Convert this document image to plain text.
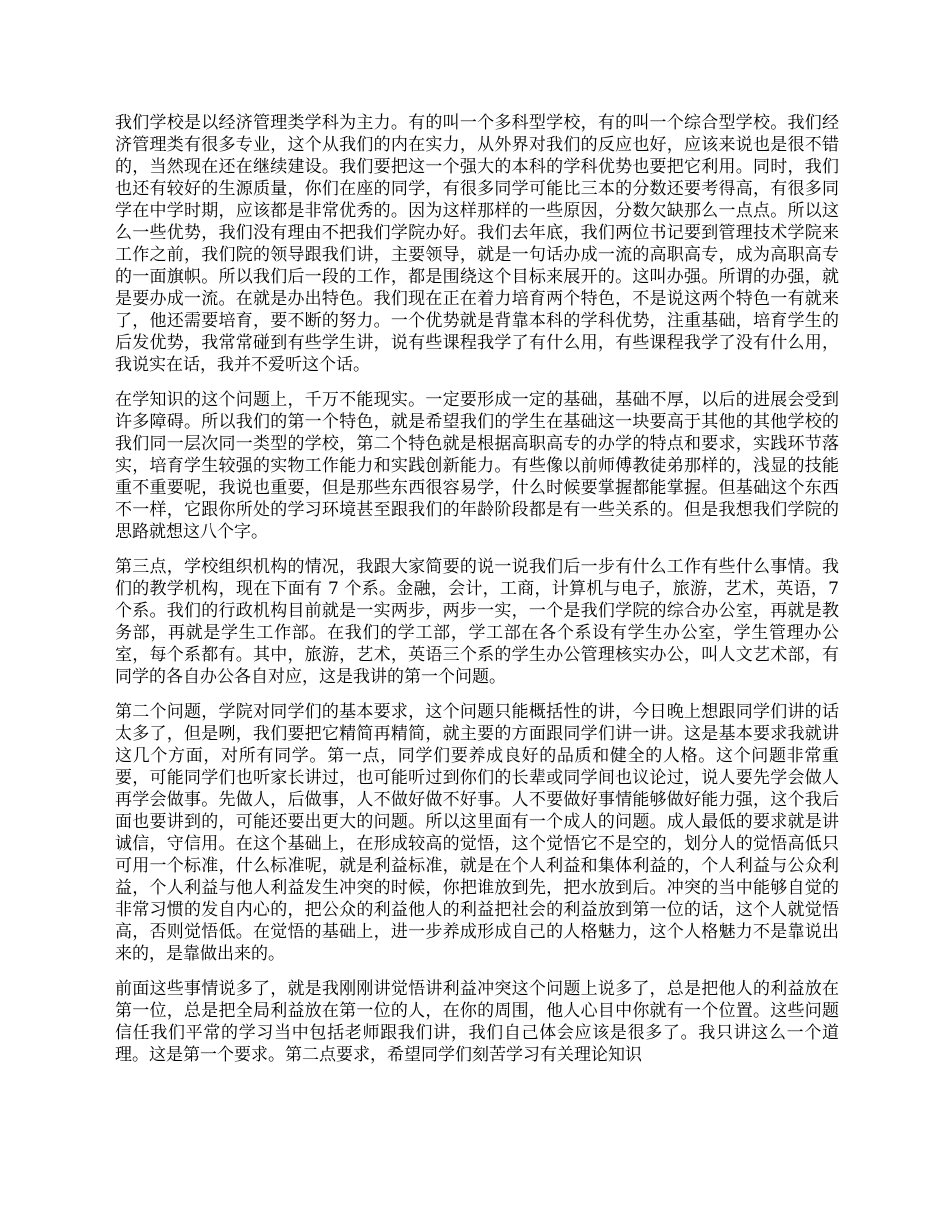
我们学校是以经济管理类学科为主力。有的叫一个多科型学校，有的叫一个综合型学校。我们经济管理类有很多专业，这个从我们的内在实力，从外界对我们的反应也好，应该来说也是很不错的，当然现在还在继续建设。我们要把这一个强大的本科的学科优势也要把它利用。同时，我们也还有较好的生源质量，你们在座的同学，有很多同学可能比三本的分数还要考得高，有很多同学在中学时期，应该都是非常优秀的。因为这样那样的一些原因，分数欠缺那么一点点。所以这么一些优势，我们没有理由不把我们学院办好。我们去年底，我们两位书记要到管理技术学院来工作之前，我们院的领导跟我们讲，主要领导，就是一句话办成一流的高职高专，成为高职高专的一面旗帜。所以我们后一段的工作，都是围绕这个目标来展开的。这叫办强。所谓的办强，就是要办成一流。在就是办出特色。我们现在正在着力培育两个特色，不是说这两个特色一有就来了，他还需要培育，要不断的努力。一个优势就是背靠本科的学科优势，注重基础，培育学生的后发优势，我常常碰到有些学生讲，说有些课程我学了有什么用，有些课程我学了没有什么用，我说实在话，我并不爱听这个话。

在学知识的这个问题上，千万不能现实。一定要形成一定的基础，基础不厚，以后的进展会受到许多障碍。所以我们的第一个特色，就是希望我们的学生在基础这一块要高于其他的其他学校的我们同一层次同一类型的学校，第二个特色就是根据高职高专的办学的特点和要求，实践环节落实，培育学生较强的实物工作能力和实践创新能力。有些像以前师傅教徒弟那样的，浅显的技能重不重要呢，我说也重要，但是那些东西很容易学，什么时候要掌握都能掌握。但基础这个东西不一样，它跟你所处的学习环境甚至跟我们的年龄阶段都是有一些关系的。但是我想我们学院的思路就想这八个字。

第三点，学校组织机构的情况，我跟大家简要的说一说我们后一步有什么工作有些什么事情。我们的教学机构，现在下面有 7 个系。金融，会计，工商，计算机与电子，旅游，艺术，英语，7 个系。我们的行政机构目前就是一实两步，两步一实，一个是我们学院的综合办公室，再就是教务部，再就是学生工作部。在我们的学工部，学工部在各个系设有学生办公室，学生管理办公室，每个系都有。其中，旅游，艺术，英语三个系的学生办公管理核实办公，叫人文艺术部，有同学的各自办公各自对应，这是我讲的第一个问题。

第二个问题，学院对同学们的基本要求，这个问题只能概括性的讲，今日晚上想跟同学们讲的话太多了，但是咧，我们要把它精简再精简，就主要的方面跟同学们讲一讲。这是基本要求我就讲这几个方面，对所有同学。第一点，同学们要养成良好的品质和健全的人格。这个问题非常重要，可能同学们也听家长讲过，也可能听过到你们的长辈或同学间也议论过，说人要先学会做人再学会做事。先做人，后做事，人不做好做不好事。人不要做好事情能够做好能力强，这个我后面也要讲到的，可能还要出更大的问题。所以这里面有一个成人的问题。成人最低的要求就是讲诚信，守信用。在这个基础上，在形成较高的觉悟，这个觉悟它不是空的，划分人的觉悟高低只可用一个标准，什么标准呢，就是利益标准，就是在个人利益和集体利益的，个人利益与公众利益，个人利益与他人利益发生冲突的时候，你把谁放到先，把水放到后。冲突的当中能够自觉的非常习惯的发自内心的，把公众的利益他人的利益把社会的利益放到第一位的话，这个人就觉悟高，否则觉悟低。在觉悟的基础上，进一步养成形成自己的人格魅力，这个人格魅力不是靠说出来的，是靠做出来的。

前面这些事情说多了，就是我刚刚讲觉悟讲利益冲突这个问题上说多了，总是把他人的利益放在第一位，总是把全局利益放在第一位的人，在你的周围，他人心目中你就有一个位置。这些问题信任我们平常的学习当中包括老师跟我们讲，我们自己体会应该是很多了。我只讲这么一个道理。这是第一个要求。第二点要求，希望同学们刻苦学习有关理论知识
